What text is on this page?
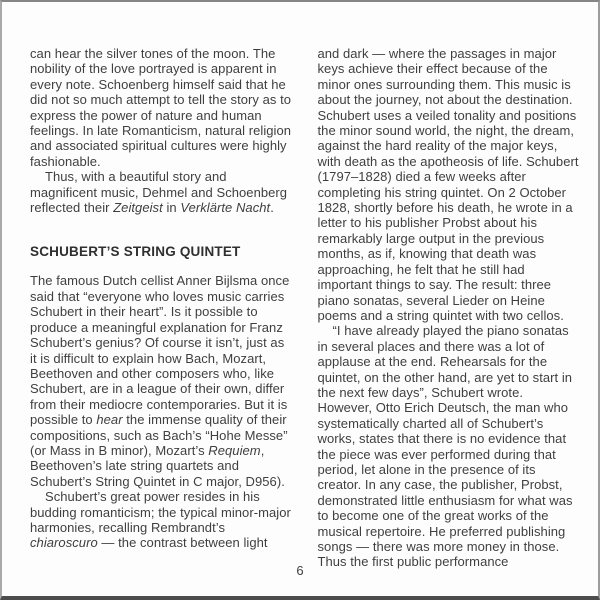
can hear the silver tones of the moon. The nobility of the love portrayed is apparent in every note. Schoenberg himself said that he did not so much attempt to tell the story as to express the power of nature and human feelings. In late Romanticism, natural religion and associated spiritual cultures were highly fashionable.

Thus, with a beautiful story and magnificent music, Dehmel and Schoenberg reflected their Zeitgeist in Verklärte Nacht.

SCHUBERT’S STRING QUINTET

The famous Dutch cellist Anner Bijlsma once said that “everyone who loves music carries Schubert in their heart”. Is it possible to produce a meaningful explanation for Franz Schubert’s genius? Of course it isn’t, just as it is difficult to explain how Bach, Mozart, Beethoven and other composers who, like Schubert, are in a league of their own, differ from their mediocre contemporaries. But it is possible to hear the immense quality of their compositions, such as Bach’s “Hohe Messe” (or Mass in B minor), Mozart’s Requiem, Beethoven’s late string quartets and Schubert’s String Quintet in C major, D956).

Schubert’s great power resides in his budding romanticism; the typical minor-major harmonies, recalling Rembrandt’s chiaroscuro — the contrast between light

and dark — where the passages in major keys achieve their effect because of the minor ones surrounding them. This music is about the journey, not about the destination. Schubert uses a veiled tonality and positions the minor sound world, the night, the dream, against the hard reality of the major keys, with death as the apotheosis of life. Schubert (1797–1828) died a few weeks after completing his string quintet. On 2 October 1828, shortly before his death, he wrote in a letter to his publisher Probst about his remarkably large output in the previous months, as if, knowing that death was approaching, he felt that he still had important things to say. The result: three piano sonatas, several Lieder on Heine poems and a string quintet with two cellos.

“I have already played the piano sonatas in several places and there was a lot of applause at the end. Rehearsals for the quintet, on the other hand, are yet to start in the next few days”, Schubert wrote. However, Otto Erich Deutsch, the man who systematically charted all of Schubert’s works, states that there is no evidence that the piece was ever performed during that period, let alone in the presence of its creator. In any case, the publisher, Probst, demonstrated little enthusiasm for what was to become one of the great works of the musical repertoire. He preferred publishing songs — there was more money in those. Thus the first public performance

6
